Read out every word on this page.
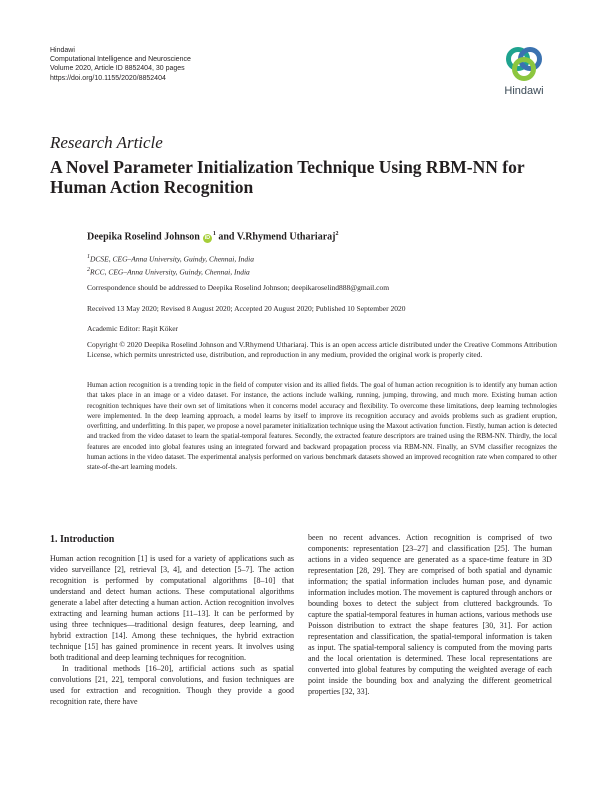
Hindawi
Computational Intelligence and Neuroscience
Volume 2020, Article ID 8852404, 30 pages
https://doi.org/10.1155/2020/8852404
Hindawi
Research Article
A Novel Parameter Initialization Technique Using RBM-NN for Human Action Recognition
Deepika Roselind Johnson $iD^1$ and V.Rhymend Uthariaraj$^2$
$^1$DCSE, CEG–Anna University, Guindy, Chennai, India
$^2$RCC, CEG–Anna University, Guindy, Chennai, India
Correspondence should be addressed to Deepika Roselind Johnson; deepikaroselind888@gmail.com
Received 13 May 2020; Revised 8 August 2020; Accepted 20 August 2020; Published 10 September 2020
Academic Editor: Raşit Köker
Copyright © 2020 Deepika Roselind Johnson and V.Rhymend Uthariaraj. This is an open access article distributed under the Creative Commons Attribution License, which permits unrestricted use, distribution, and reproduction in any medium, provided the original work is properly cited.
Human action recognition is a trending topic in the field of computer vision and its allied fields. The goal of human action recognition is to identify any human action that takes place in an image or a video dataset. For instance, the actions include walking, running, jumping, throwing, and much more. Existing human action recognition techniques have their own set of limitations when it concerns model accuracy and flexibility. To overcome these limitations, deep learning technologies were implemented. In the deep learning approach, a model learns by itself to improve its recognition accuracy and avoids problems such as gradient eruption, overfitting, and underfitting. In this paper, we propose a novel parameter initialization technique using the Maxout activation function. Firstly, human action is detected and tracked from the video dataset to learn the spatial-temporal features. Secondly, the extracted feature descriptors are trained using the RBM-NN. Thirdly, the local features are encoded into global features using an integrated forward and backward propagation process via RBM-NN. Finally, an SVM classifier recognizes the human actions in the video dataset. The experimental analysis performed on various benchmark datasets showed an improved recognition rate when compared to other state-of-the-art learning models.

1. Introduction

Human action recognition [1] is used for a variety of applications such as video surveillance [2], retrieval [3, 4], and detection [5–7]. The action recognition is performed by computational algorithms [8–10] that understand and detect human actions. These computational algorithms generate a label after detecting a human action. Action recognition involves extracting and learning human actions [11–13]. It can be performed by using three techniques—traditional design features, deep learning, and hybrid extraction [14]. Among these techniques, the hybrid extraction technique [15] has gained prominence in recent years. It involves using both traditional and deep learning techniques for recognition.

In traditional methods [16–20], artificial actions such as spatial convolutions [21, 22], temporal convolutions, and fusion techniques are used for extraction and recognition. Though they provide a good recognition rate, there have

been no recent advances. Action recognition is comprised of two components: representation [23–27] and classification [25]. The human actions in a video sequence are generated as a space-time feature in 3D representation [28, 29]. They are comprised of both spatial and dynamic information; the spatial information includes human pose, and dynamic information includes motion. The movement is captured through anchors or bounding boxes to detect the subject from cluttered backgrounds. To capture the spatial-temporal features in human actions, various methods use Poisson distribution to extract the shape features [30, 31]. For action representation and classification, the spatial-temporal information is taken as input. The spatial-temporal saliency is computed from the moving parts and the local orientation is determined. These local representations are converted into global features by computing the weighted average of each point inside the bounding box and analyzing the different geometrical properties [32, 33].
